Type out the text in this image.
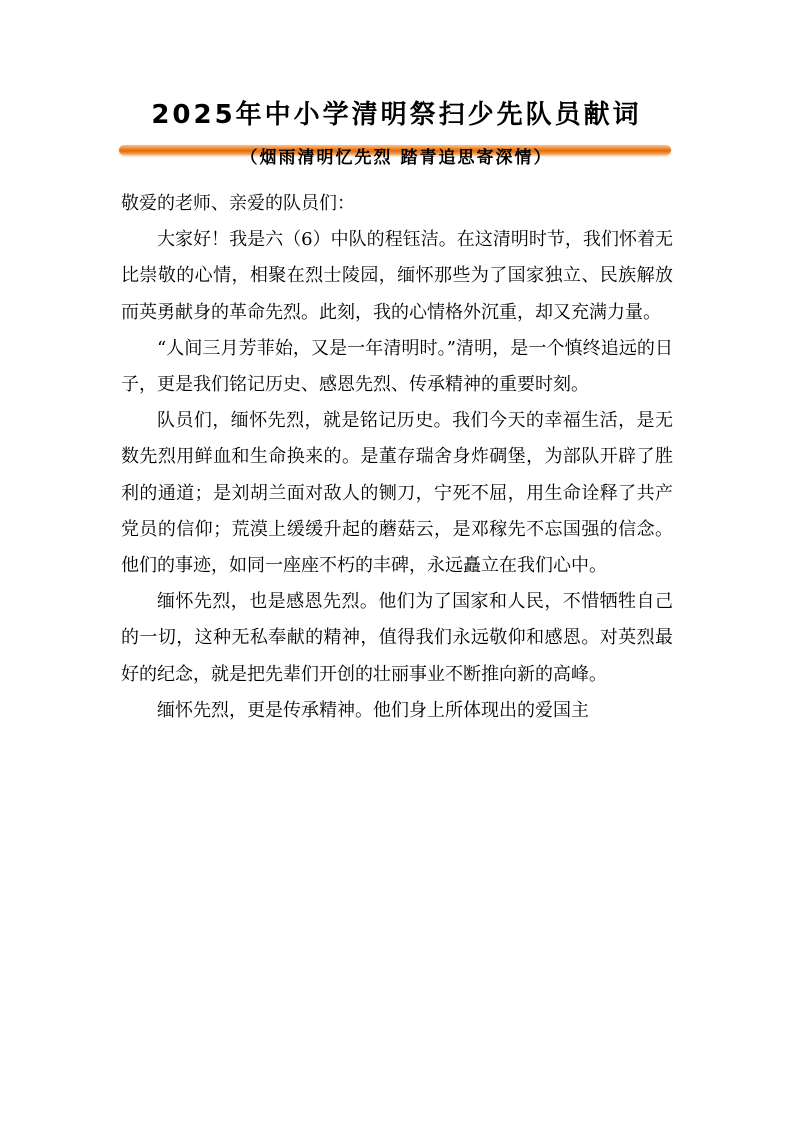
2025年中小学清明祭扫少先队员献词
（烟雨清明忆先烈 踏青追思寄深情）

敬爱的老师、亲爱的队员们：

大家好！我是六（6）中队的程钰洁。在这清明时节，我们怀着无比崇敬的心情，相聚在烈士陵园，缅怀那些为了国家独立、民族解放而英勇献身的革命先烈。此刻，我的心情格外沉重，却又充满力量。

“人间三月芳菲始，又是一年清明时。”清明，是一个慎终追远的日子，更是我们铭记历史、感恩先烈、传承精神的重要时刻。

队员们，缅怀先烈，就是铭记历史。我们今天的幸福生活，是无数先烈用鲜血和生命换来的。是董存瑞舍身炸碉堡，为部队开辟了胜利的通道；是刘胡兰面对敌人的铡刀，宁死不屈，用生命诠释了共产党员的信仰；荒漠上缓缓升起的蘑菇云，是邓稼先不忘国强的信念。他们的事迹，如同一座座不朽的丰碑，永远矗立在我们心中。

缅怀先烈，也是感恩先烈。他们为了国家和人民，不惜牺牲自己的一切，这种无私奉献的精神，值得我们永远敬仰和感恩。对英烈最好的纪念，就是把先辈们开创的壮丽事业不断推向新的高峰。

缅怀先烈，更是传承精神。他们身上所体现出的爱国主
